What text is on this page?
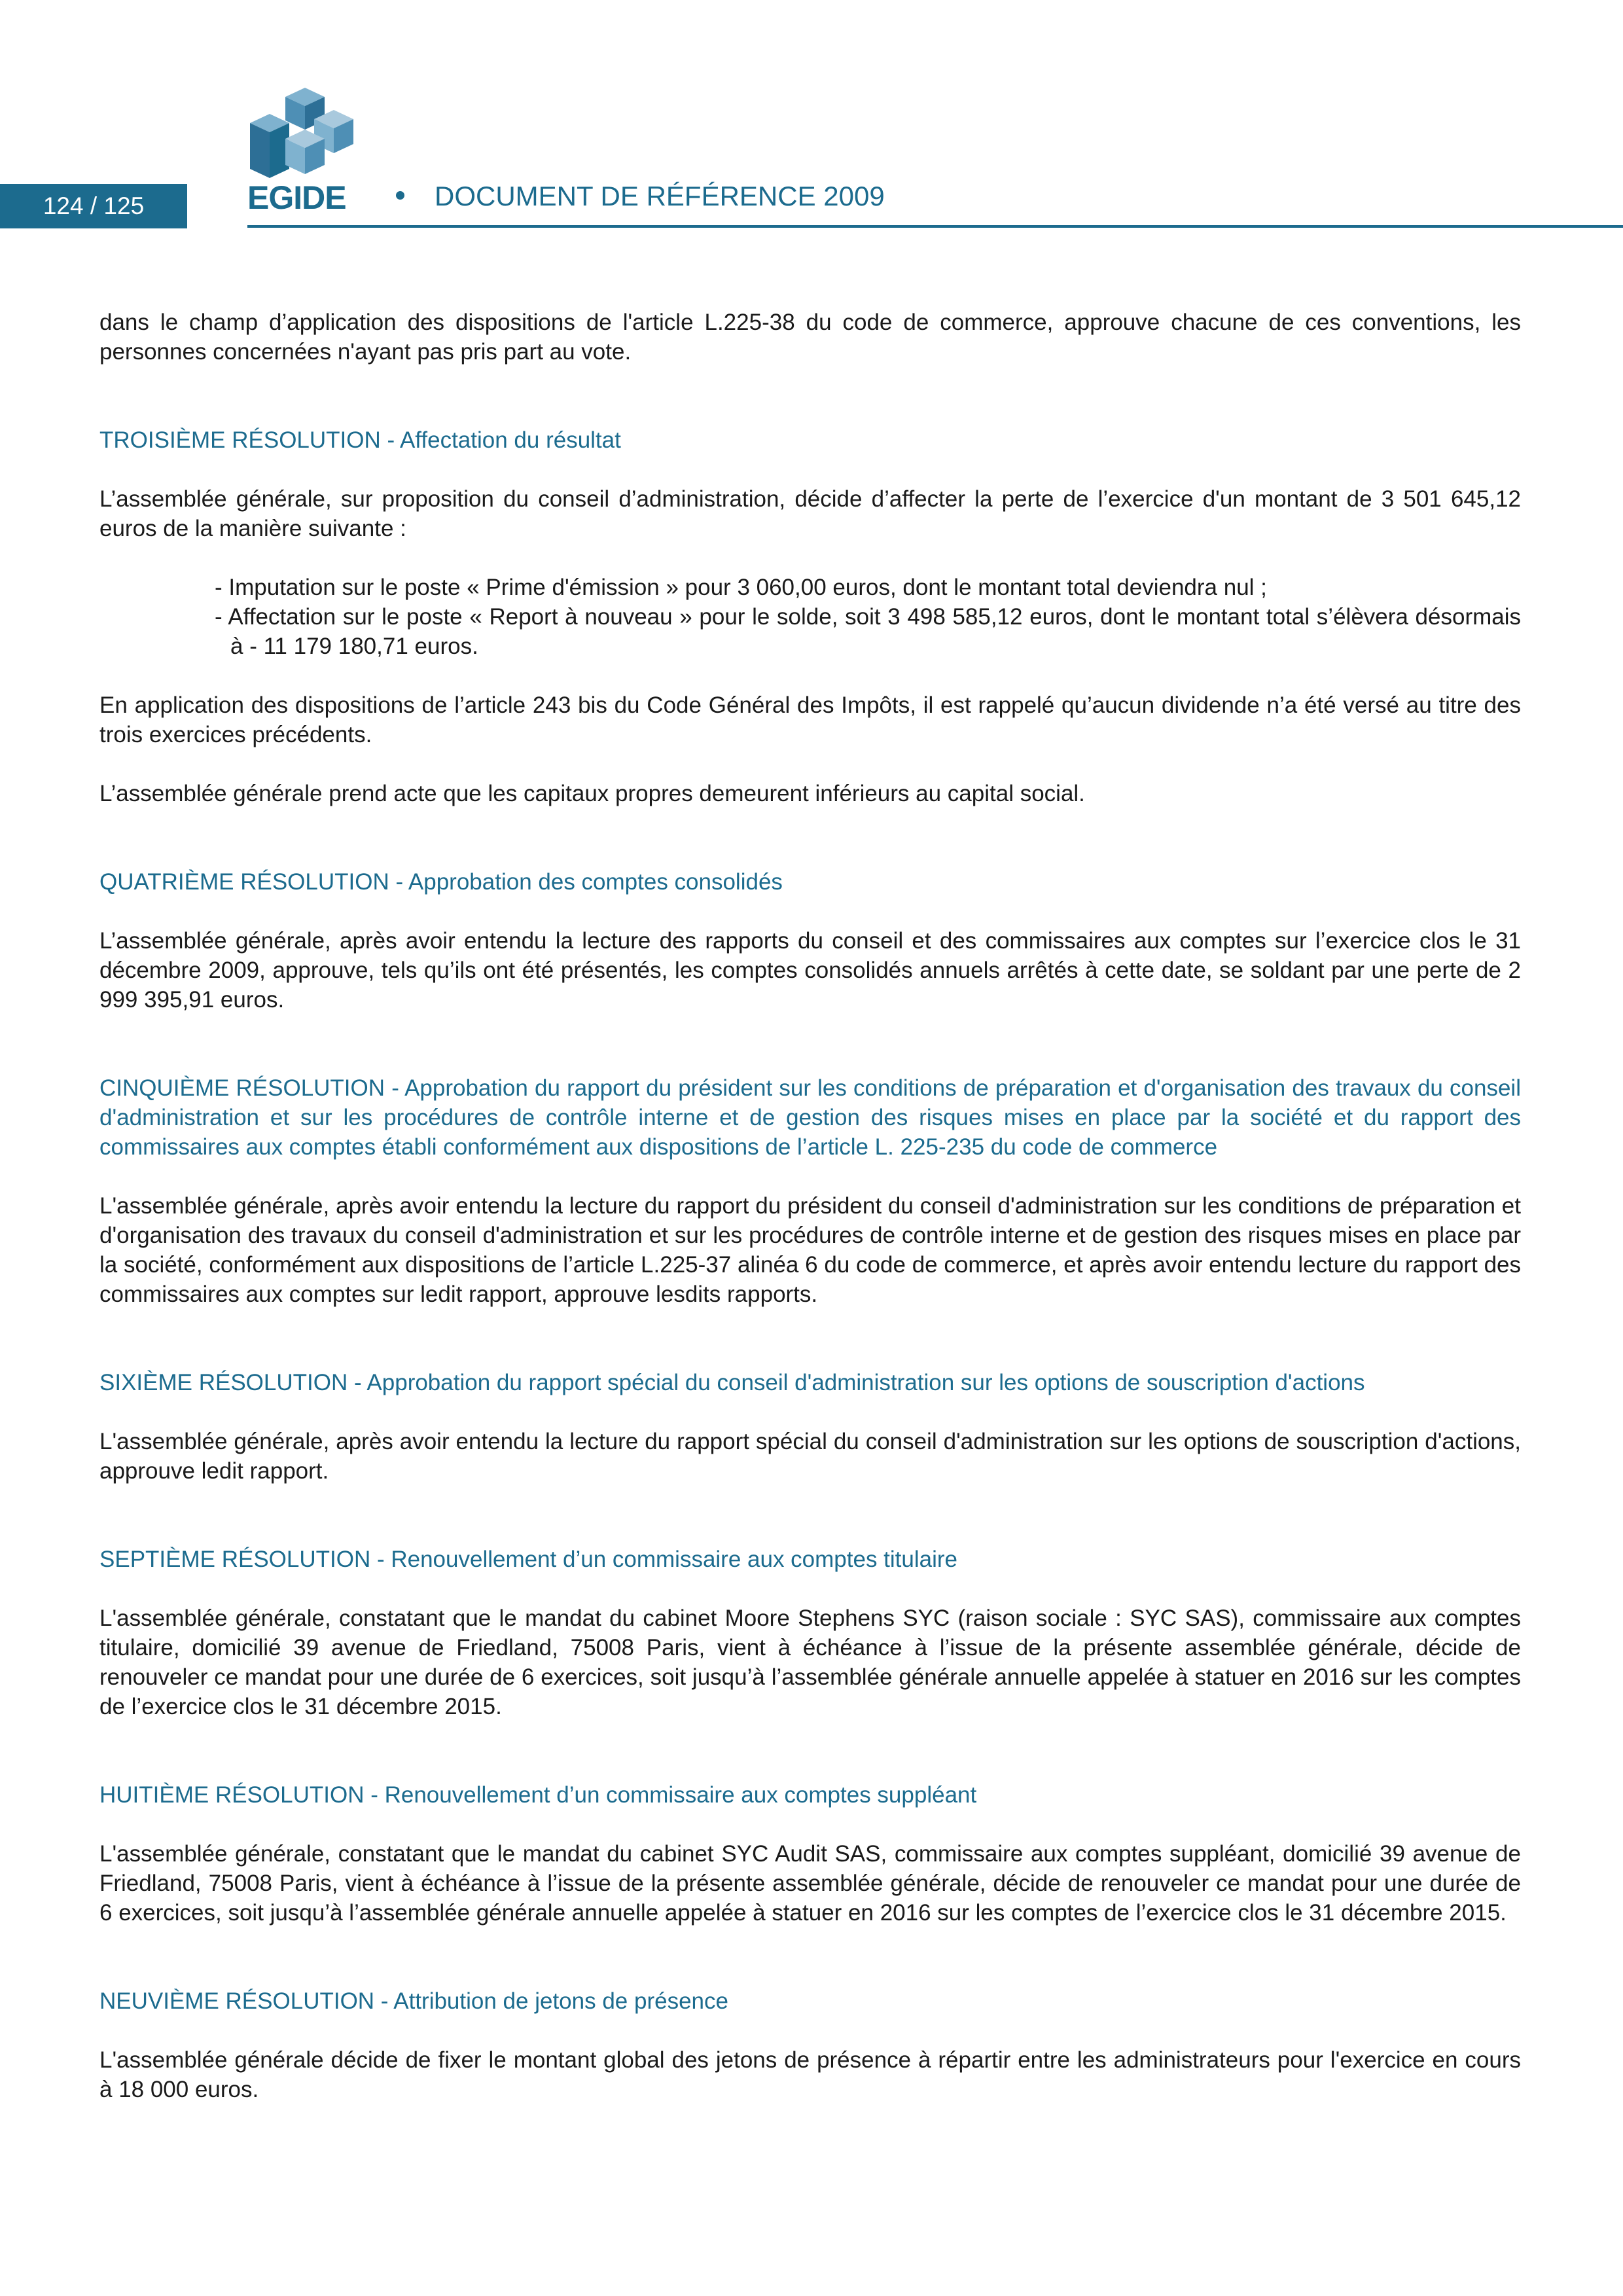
124 / 125	EGIDE	DOCUMENT DE RÉFÉRENCE 2009

dans le champ d’application des dispositions de l'article L.225-38 du code de commerce, approuve chacune de ces conventions, les personnes concernées n'ayant pas pris part au vote.

TROISIÈME RÉSOLUTION - Affectation du résultat

L’assemblée générale, sur proposition du conseil d’administration, décide d’affecter la perte de l’exercice d'un montant de 3 501 645,12 euros de la manière suivante :

- Imputation sur le poste « Prime d'émission » pour 3 060,00 euros, dont le montant total deviendra nul ;
- Affectation sur le poste « Report à nouveau » pour le solde, soit 3 498 585,12 euros, dont le montant total s’élèvera désormais à - 11 179 180,71 euros.

En application des dispositions de l’article 243 bis du Code Général des Impôts, il est rappelé qu’aucun dividende n’a été versé au titre des trois exercices précédents.

L’assemblée générale prend acte que les capitaux propres demeurent inférieurs au capital social.

QUATRIÈME RÉSOLUTION - Approbation des comptes consolidés

L’assemblée générale, après avoir entendu la lecture des rapports du conseil et des commissaires aux comptes sur l’exercice clos le 31 décembre 2009, approuve, tels qu’ils ont été présentés, les comptes consolidés annuels arrêtés à cette date, se soldant par une perte de 2 999 395,91 euros.

CINQUIÈME RÉSOLUTION - Approbation du rapport du président sur les conditions de préparation et d'organisation des travaux du conseil d'administration et sur les procédures de contrôle interne et de gestion des risques mises en place par la société et du rapport des commissaires aux comptes établi conformément aux dispositions de l’article L. 225-235 du code de commerce

L'assemblée générale, après avoir entendu la lecture du rapport du président du conseil d'administration sur les conditions de préparation et d'organisation des travaux du conseil d'administration et sur les procédures de contrôle interne et de gestion des risques mises en place par la société, conformément aux dispositions de l’article L.225-37 alinéa 6 du code de commerce, et après avoir entendu lecture du rapport des commissaires aux comptes sur ledit rapport, approuve lesdits rapports.

SIXIÈME RÉSOLUTION - Approbation du rapport spécial du conseil d'administration sur les options de souscription d'actions

L'assemblée générale, après avoir entendu la lecture du rapport spécial du conseil d'administration sur les options de souscription d'actions, approuve ledit rapport.

SEPTIÈME RÉSOLUTION - Renouvellement d’un commissaire aux comptes titulaire

L'assemblée générale, constatant que le mandat du cabinet Moore Stephens SYC (raison sociale : SYC SAS), commissaire aux comptes titulaire, domicilié 39 avenue de Friedland, 75008 Paris, vient à échéance à l’issue de la présente assemblée générale, décide de renouveler ce mandat pour une durée de 6 exercices, soit jusqu’à l’assemblée générale annuelle appelée à statuer en 2016 sur les comptes de l’exercice clos le 31 décembre 2015.

HUITIÈME RÉSOLUTION - Renouvellement d’un commissaire aux comptes suppléant

L'assemblée générale, constatant que le mandat du cabinet SYC Audit SAS, commissaire aux comptes suppléant, domicilié 39 avenue de Friedland, 75008 Paris, vient à échéance à l’issue de la présente assemblée générale, décide de renouveler ce mandat pour une durée de 6 exercices, soit jusqu’à l’assemblée générale annuelle appelée à statuer en 2016 sur les comptes de l’exercice clos le 31 décembre 2015.

NEUVIÈME RÉSOLUTION - Attribution de jetons de présence

L'assemblée générale décide de fixer le montant global des jetons de présence à répartir entre les administrateurs pour l'exercice en cours à 18 000 euros.
